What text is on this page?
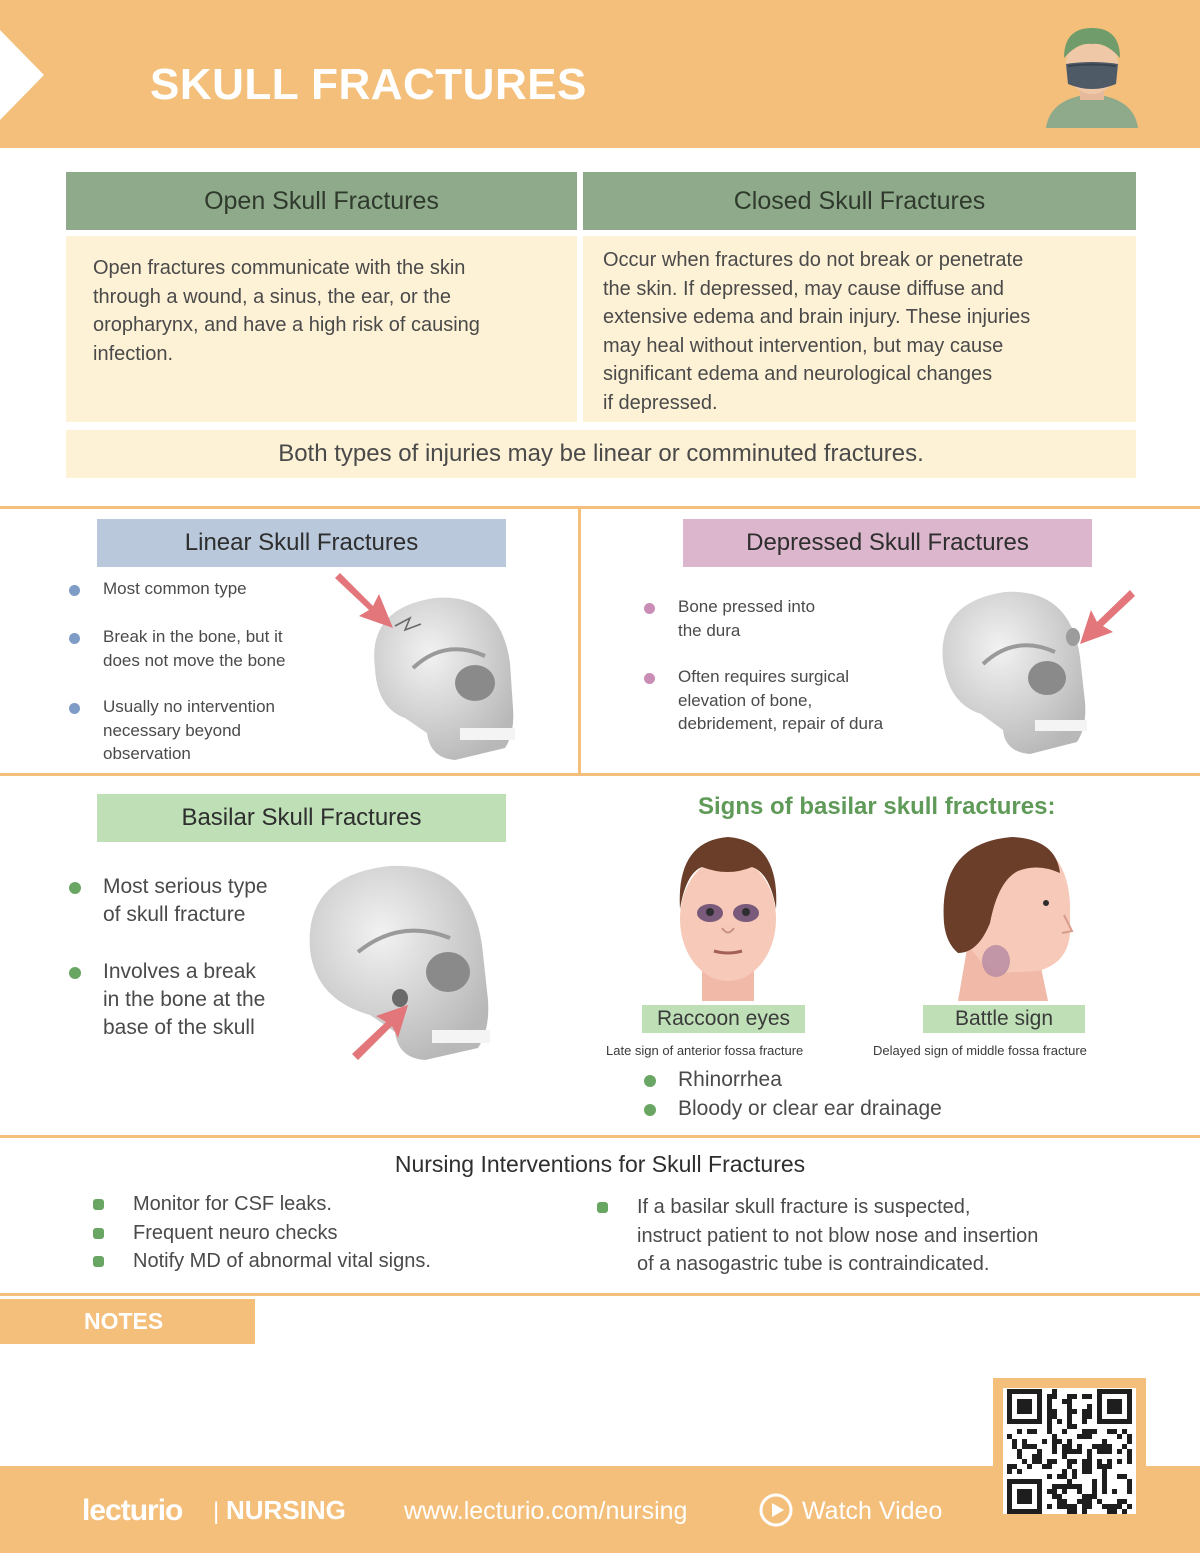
SKULL FRACTURES
Open Skull Fractures	Closed Skull Fractures
Open fractures communicate with the skin
through a wound, a sinus, the ear, or the
oropharynx, and have a high risk of causing
infection.
Occur when fractures do not break or penetrate
the skin. If depressed, may cause diffuse and
extensive edema and brain injury. These injuries
may heal without intervention, but may cause
significant edema and neurological changes
if depressed.
Both types of injuries may be linear or comminuted fractures.
Linear Skull Fractures
Most common type
Break in the bone, but it
does not move the bone
Usually no intervention
necessary beyond
observation
Depressed Skull Fractures
Bone pressed into
the dura
Often requires surgical
elevation of bone,
debridement, repair of dura
Basilar Skull Fractures
Most serious type
of skull fracture
Involves a break
in the bone at the
base of the skull
Signs of basilar skull fractures:
Raccoon eyes
Late sign of anterior fossa fracture
Battle sign
Delayed sign of middle fossa fracture
Rhinorrhea
Bloody or clear ear drainage
Nursing Interventions for Skull Fractures
Monitor for CSF leaks.
Frequent neuro checks
Notify MD of abnormal vital signs.
If a basilar skull fracture is suspected,
instruct patient to not blow nose and insertion
of a nasogastric tube is contraindicated.
NOTES
lecturio | NURSING www.lecturio.com/nursing	Watch Video
